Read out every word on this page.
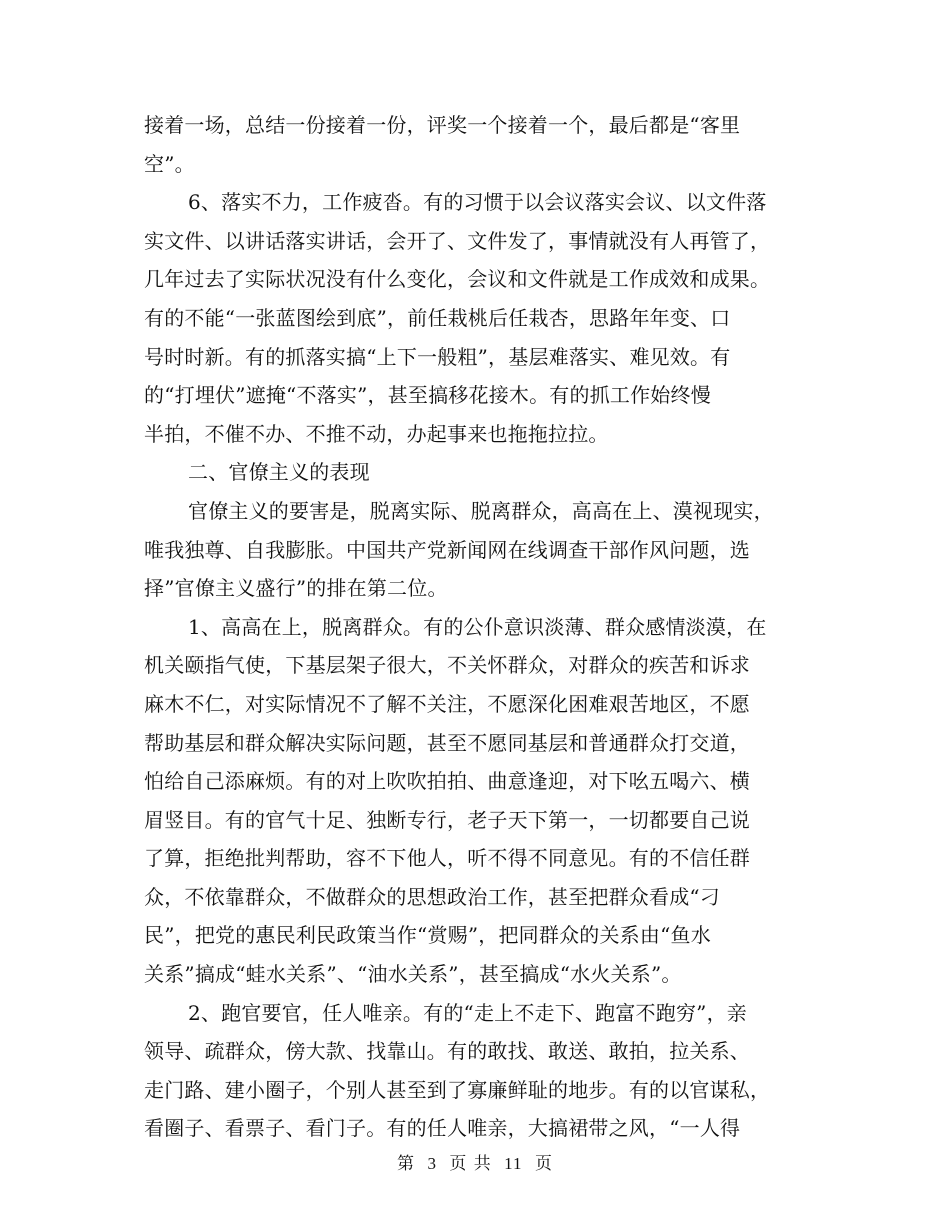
接着一场，总结一份接着一份，评奖一个接着一个，最后都是“客里
空”。
6、落实不力，工作疲沓。有的习惯于以会议落实会议、以文件落
实文件、以讲话落实讲话，会开了、文件发了，事情就没有人再管了，
几年过去了实际状况没有什么变化，会议和文件就是工作成效和成果。
有的不能“一张蓝图绘到底”，前任栽桃后任栽杏，思路年年变、口
号时时新。有的抓落实搞“上下一般粗”，基层难落实、难见效。有
的“打埋伏”遮掩“不落实”，甚至搞移花接木。有的抓工作始终慢
半拍，不催不办、不推不动，办起事来也拖拖拉拉。
二、官僚主义的表现
官僚主义的要害是，脱离实际、脱离群众，高高在上、漠视现实，
唯我独尊、自我膨胀。中国共产党新闻网在线调查干部作风问题，选
择”官僚主义盛行”的排在第二位。
1、高高在上，脱离群众。有的公仆意识淡薄、群众感情淡漠，在
机关颐指气使，下基层架子很大，不关怀群众，对群众的疾苦和诉求
麻木不仁，对实际情况不了解不关注，不愿深化困难艰苦地区，不愿
帮助基层和群众解决实际问题，甚至不愿同基层和普通群众打交道，
怕给自己添麻烦。有的对上吹吹拍拍、曲意逢迎，对下吆五喝六、横
眉竖目。有的官气十足、独断专行，老子天下第一，一切都要自己说
了算，拒绝批判帮助，容不下他人，听不得不同意见。有的不信任群
众，不依靠群众，不做群众的思想政治工作，甚至把群众看成“刁
民”，把党的惠民利民政策当作“赏赐”，把同群众的关系由“鱼水
关系”搞成“蛙水关系”、“油水关系”，甚至搞成“水火关系”。
2、跑官要官，任人唯亲。有的“走上不走下、跑富不跑穷”，亲
领导、疏群众，傍大款、找靠山。有的敢找、敢送、敢拍，拉关系、
走门路、建小圈子，个别人甚至到了寡廉鲜耻的地步。有的以官谋私，
看圈子、看票子、看门子。有的任人唯亲，大搞裙带之风，“一人得
第 3 页 共 11 页
